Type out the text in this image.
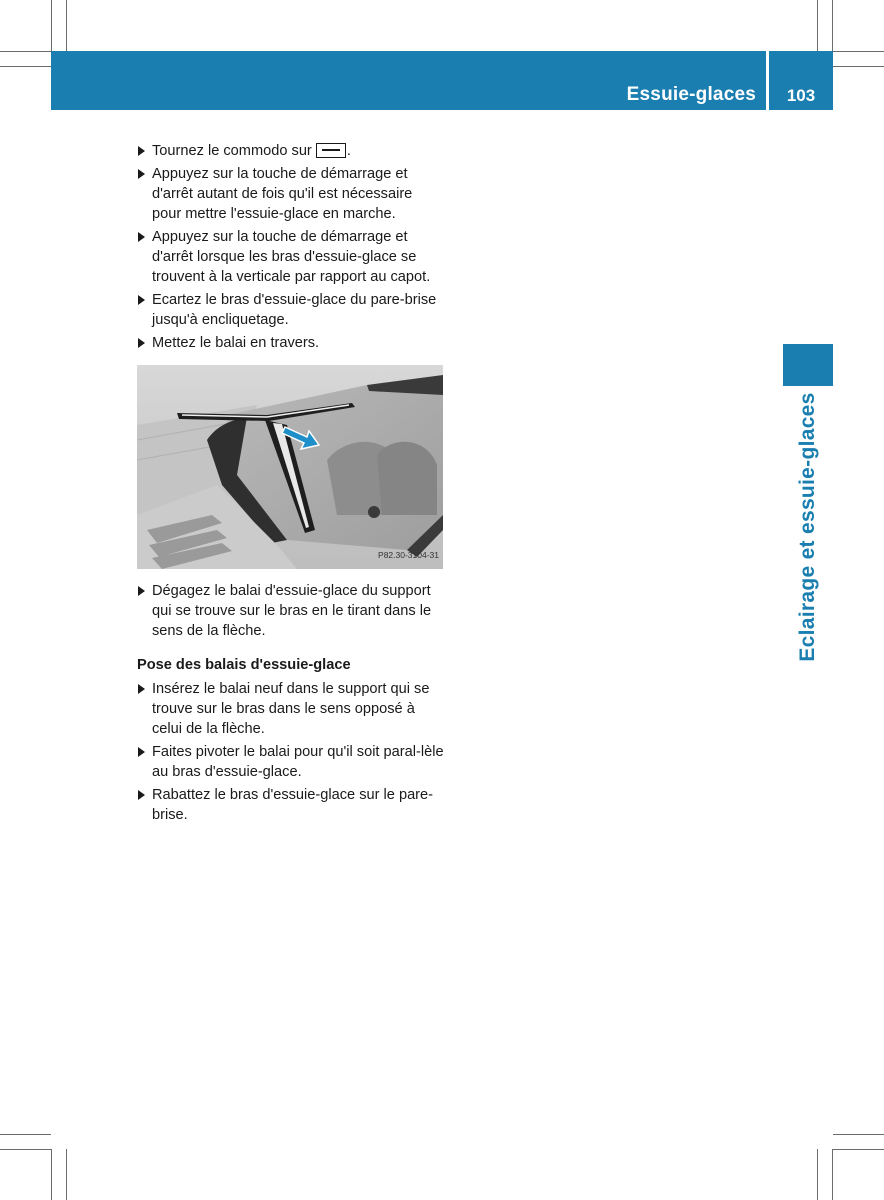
Essuie-glaces	103
Eclairage et essuie-glaces
Tournez le commodo sur .
Appuyez sur la touche de démarrage et d'arrêt autant de fois qu'il est nécessaire pour mettre l'essuie-glace en marche.
Appuyez sur la touche de démarrage et d'arrêt lorsque les bras d'essuie-glace se trouvent à la verticale par rapport au capot.
Ecartez le bras d'essuie-glace du pare-brise jusqu'à encliquetage.
Mettez le balai en travers.
P82.30-3104-31
Dégagez le balai d'essuie-glace du support qui se trouve sur le bras en le tirant dans le sens de la flèche.
Pose des balais d'essuie-glace
Insérez le balai neuf dans le support qui se trouve sur le bras dans le sens opposé à celui de la flèche.
Faites pivoter le balai pour qu'il soit paral-lèle au bras d'essuie-glace.
Rabattez le bras d'essuie-glace sur le pare-brise.
